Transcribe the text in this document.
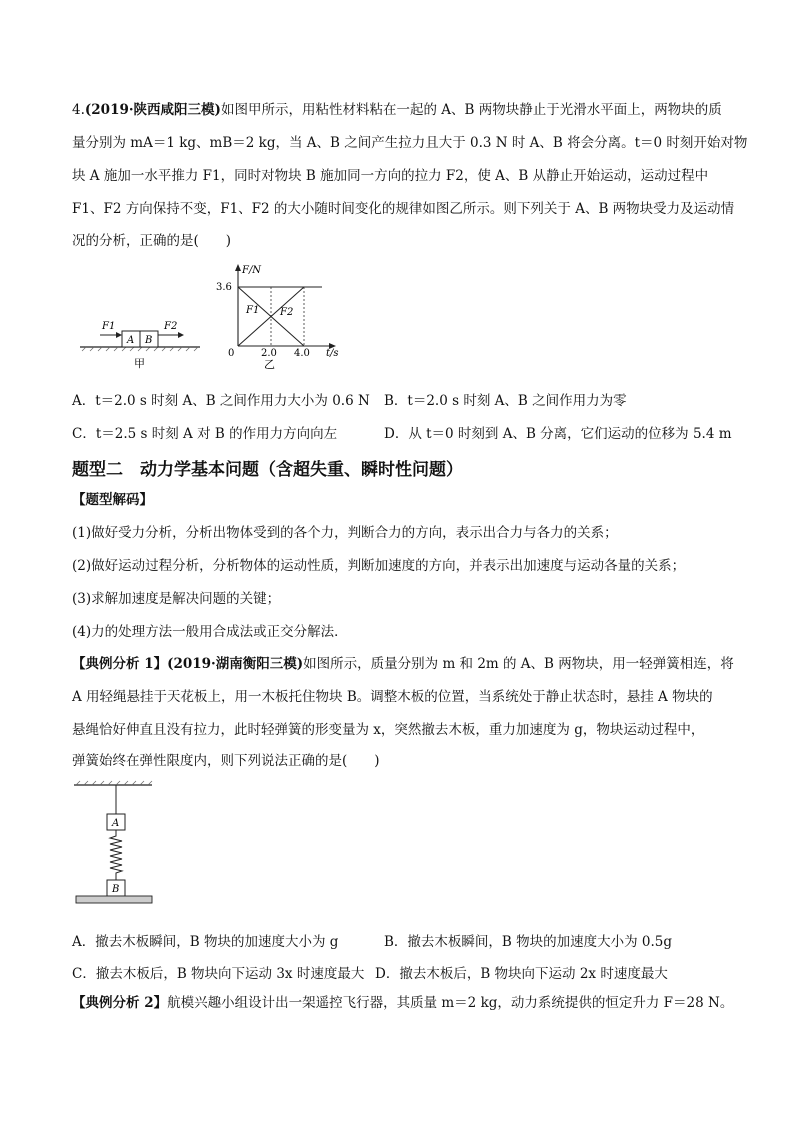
4.(2019·陕西咸阳三模)如图甲所示，用粘性材料粘在一起的 A、B 两物块静止于光滑水平面上，两物块的质
量分别为 mA＝1 kg、mB＝2 kg，当 A、B 之间产生拉力且大于 0.3 N 时 A、B 将会分离。t＝0 时刻开始对物
块 A 施加一水平推力 F1，同时对物块 B 施加同一方向的拉力 F2，使 A、B 从静止开始运动，运动过程中
F1、F2 方向保持不变，F1、F2 的大小随时间变化的规律如图乙所示。则下列关于 A、B 两物块受力及运动情
况的分析，正确的是(　　)
A B
F1	F2
甲
F/N
3.6
0	2.0 4.0 t/s
F1 F2
乙
A．t＝2.0 s 时刻 A、B 之间作用力大小为 0.6 N B．t＝2.0 s 时刻 A、B 之间作用力为零
C．t＝2.5 s 时刻 A 对 B 的作用力方向向左	D．从 t＝0 时刻到 A、B 分离，它们运动的位移为 5.4 m
题型二　动力学基本问题（含超失重、瞬时性问题）
【题型解码】
(1)做好受力分析，分析出物体受到的各个力，判断合力的方向，表示出合力与各力的关系；
(2)做好运动过程分析，分析物体的运动性质，判断加速度的方向，并表示出加速度与运动各量的关系；
(3)求解加速度是解决问题的关键；
(4)力的处理方法一般用合成法或正交分解法．
【典例分析 1】(2019·湖南衡阳三模)如图所示，质量分别为 m 和 2m 的 A、B 两物块，用一轻弹簧相连，将
A 用轻绳悬挂于天花板上，用一木板托住物块 B。调整木板的位置，当系统处于静止状态时，悬挂 A 物块的
悬绳恰好伸直且没有拉力，此时轻弹簧的形变量为 x，突然撤去木板，重力加速度为 g，物块运动过程中，
弹簧始终在弹性限度内，则下列说法正确的是(　　)
A
B
A．撤去木板瞬间，B 物块的加速度大小为 g	B．撤去木板瞬间，B 物块的加速度大小为 0.5g
C．撤去木板后，B 物块向下运动 3x 时速度最大 D．撤去木板后，B 物块向下运动 2x 时速度最大
【典例分析 2】航模兴趣小组设计出一架遥控飞行器，其质量 m＝2 kg，动力系统提供的恒定升力 F＝28 N。
